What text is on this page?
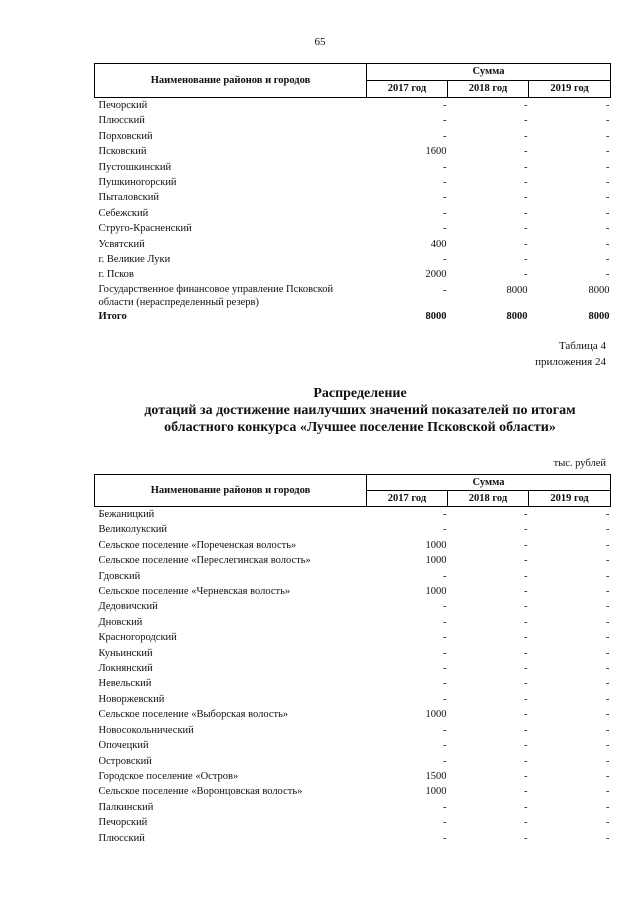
65
Наименование районов и городов	Сумма		
	2017 год	2018 год	2019 год
Печорский	-	-	-
Плюсский	-	-	-
Порховский	-	-	-
Псковский	1600	-	-
Пустошкинский	-	-	-
Пушкиногорский	-	-	-
Пыталовский	-	-	-
Себежский	-	-	-
Струго-Красненский	-	-	-
Усвятский	400	-	-
г. Великие Луки	-	-	-
г. Псков	2000	-	-
Государственное финансовое управление Псковской области (нераспределенный резерв)	-	8000	8000
Итого	8000	8000	8000
Таблица 4
приложения 24
Распределение
дотаций за достижение наилучших значений показателей по итогам
областного конкурса «Лучшее поселение Псковской области»
тыс. рублей
Наименование районов и городов	Сумма		
	2017 год	2018 год	2019 год
Бежаницкий	-	-	-
Великолукский	-	-	-
Сельское поселение «Пореченская волость»	1000	-	-
Сельское поселение «Переслегинская волость»	1000	-	-
Гдовский	-	-	-
Сельское поселение «Черневская волость»	1000	-	-
Дедовичский	-	-	-
Дновский	-	-	-
Красногородский	-	-	-
Куньинский	-	-	-
Локнянский	-	-	-
Невельский	-	-	-
Новоржевский	-	-	-
Сельское поселение «Выборская волость»	1000	-	-
Новосокольнический	-	-	-
Опочецкий	-	-	-
Островский	-	-	-
Городское поселение «Остров»	1500	-	-
Сельское поселение «Воронцовская волость»	1000	-	-
Палкинский	-	-	-
Печорский	-	-	-
Плюсский	-	-	-
